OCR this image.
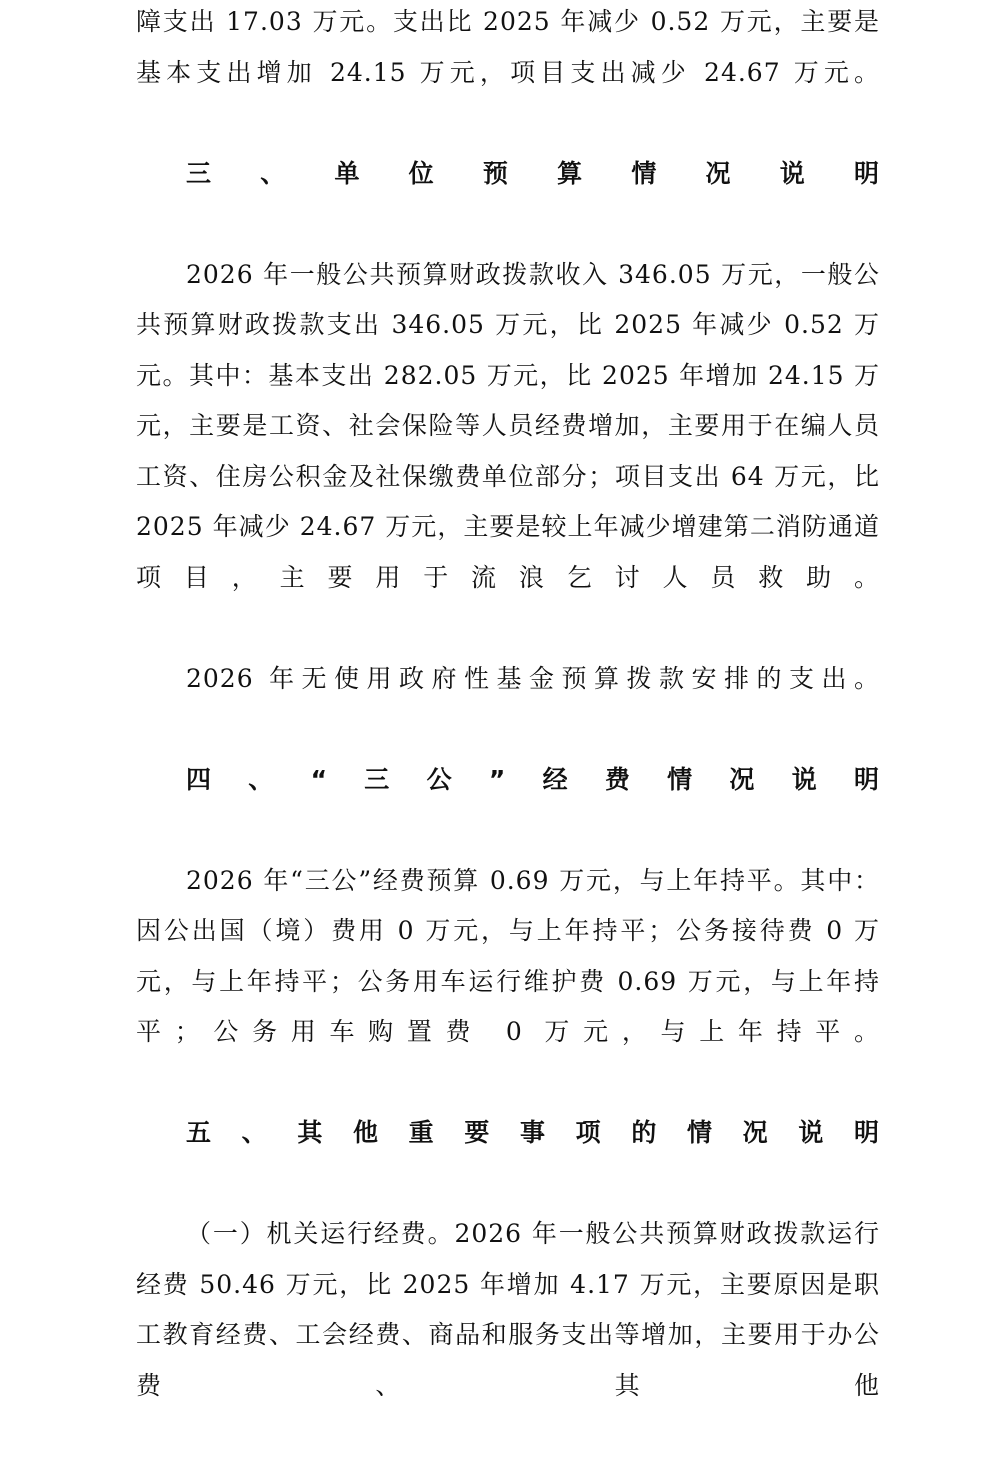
障支出 17.03 万元。支出比 2025 年减少 0.52 万元，主要是基本支出增加 24.15 万元，项目支出减少 24.67 万元。

三、单位预算情况说明

2026 年一般公共预算财政拨款收入 346.05 万元，一般公共预算财政拨款支出 346.05 万元，比 2025 年减少 0.52 万元。其中：基本支出 282.05 万元，比 2025 年增加 24.15 万元，主要是工资、社会保险等人员经费增加，主要用于在编人员工资、住房公积金及社保缴费单位部分；项目支出 64 万元，比 2025 年减少 24.67 万元，主要是较上年减少增建第二消防通道项目，主要用于流浪乞讨人员救助。

2026 年无使用政府性基金预算拨款安排的支出。

四、“三公”经费情况说明

2026 年“三公”经费预算 0.69 万元，与上年持平。其中：因公出国（境）费用 0 万元，与上年持平；公务接待费 0 万元，与上年持平；公务用车运行维护费 0.69 万元，与上年持平；公务用车购置费 0 万元，与上年持平。

五、其他重要事项的情况说明

（一）机关运行经费。2026 年一般公共预算财政拨款运行经费 50.46 万元，比 2025 年增加 4.17 万元，主要原因是职工教育经费、工会经费、商品和服务支出等增加，主要用于办公费、其他
